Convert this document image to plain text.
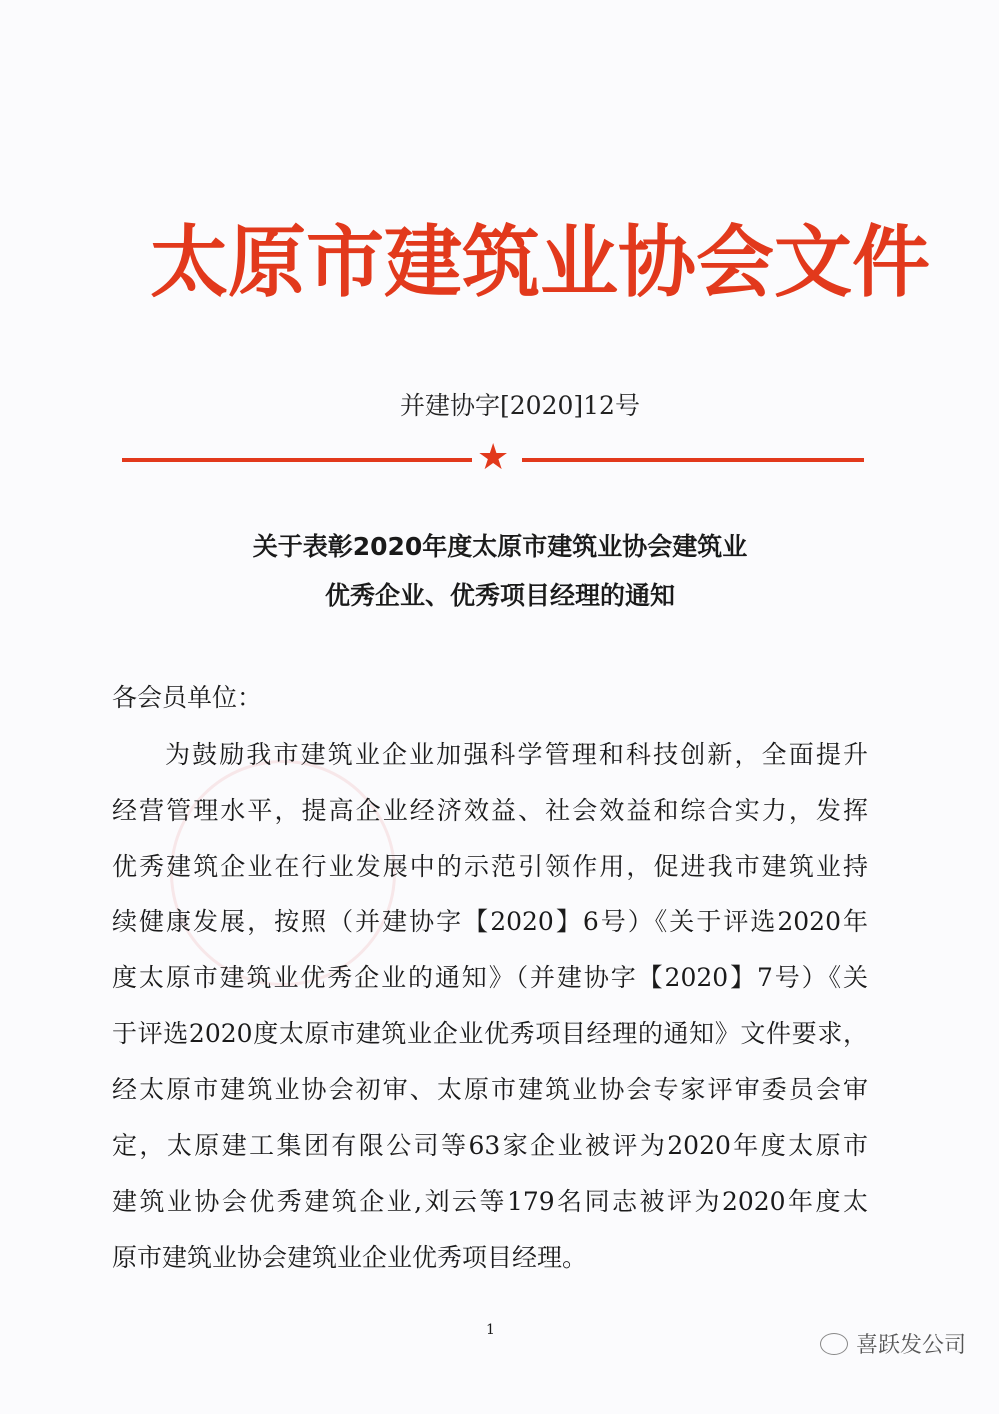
太原市建筑业协会文件
并建协字[2020]12号
★
关于表彰2020年度太原市建筑业协会建筑业
优秀企业、优秀项目经理的通知
各会员单位：
为鼓励我市建筑业企业加强科学管理和科技创新，全面提升
经营管理水平，提高企业经济效益、社会效益和综合实力，发挥
优秀建筑企业在行业发展中的示范引领作用，促进我市建筑业持
续健康发展，按照（并建协字【2020】6号）《关于评选2020年
度太原市建筑业优秀企业的通知》（并建协字【2020】7号）《关
于评选2020度太原市建筑业企业优秀项目经理的通知》文件要求，
经太原市建筑业协会初审、太原市建筑业协会专家评审委员会审
定，太原建工集团有限公司等63家企业被评为2020年度太原市
建筑业协会优秀建筑企业,刘云等179名同志被评为2020年度太
原市建筑业协会建筑业企业优秀项目经理。
1
喜跃发公司
